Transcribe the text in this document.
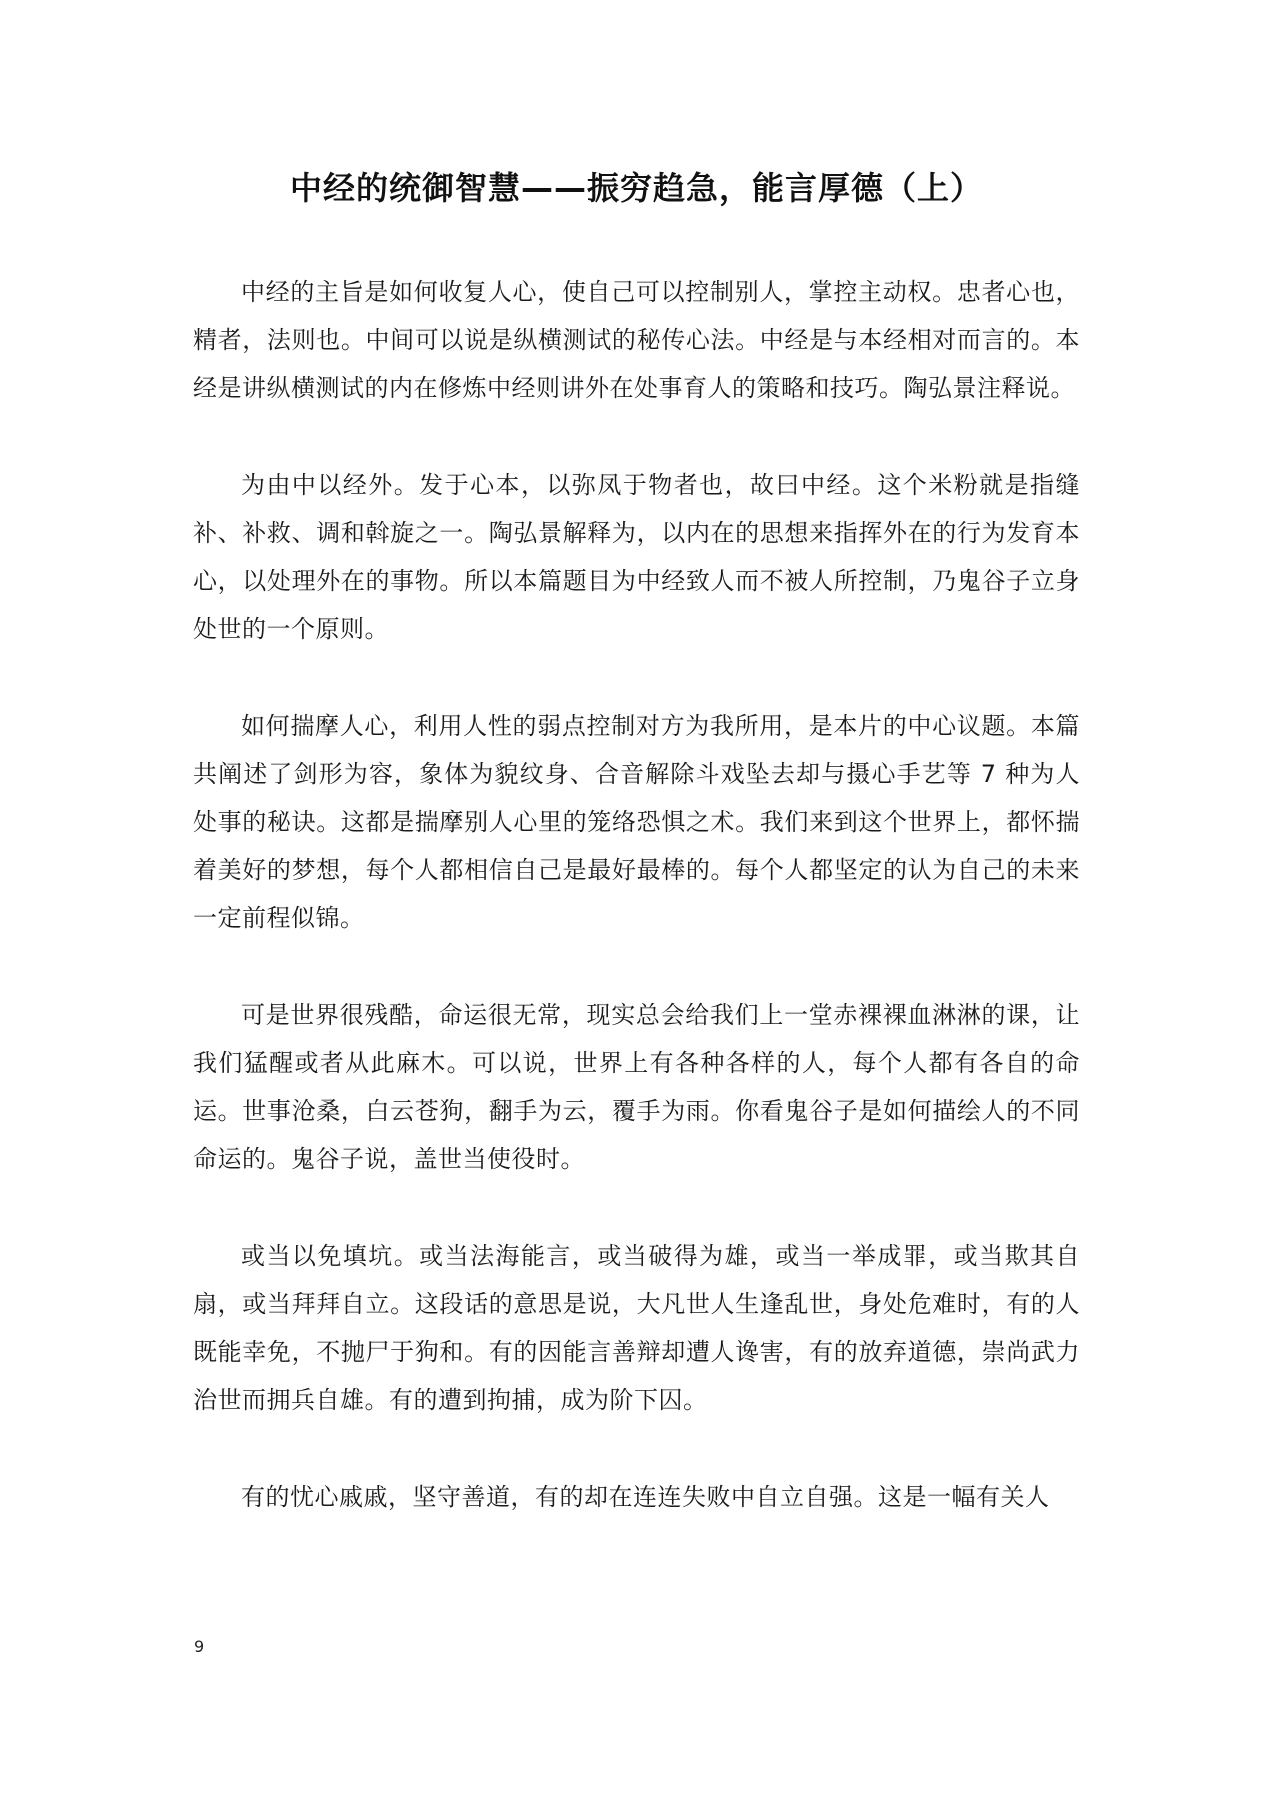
中经的统御智慧——振穷趋急，能言厚德（上）

中经的主旨是如何收复人心，使自己可以控制别人，掌控主动权。忠者心也，精者，法则也。中间可以说是纵横测试的秘传心法。中经是与本经相对而言的。本经是讲纵横测试的内在修炼中经则讲外在处事育人的策略和技巧。陶弘景注释说。

为由中以经外。发于心本，以弥凤于物者也，故曰中经。这个米粉就是指缝补、补救、调和斡旋之一。陶弘景解释为，以内在的思想来指挥外在的行为发育本心，以处理外在的事物。所以本篇题目为中经致人而不被人所控制，乃鬼谷子立身处世的一个原则。

如何揣摩人心，利用人性的弱点控制对方为我所用，是本片的中心议题。本篇共阐述了剑形为容，象体为貌纹身、合音解除斗戏坠去却与摄心手艺等 7 种为人处事的秘诀。这都是揣摩别人心里的笼络恐惧之术。我们来到这个世界上，都怀揣着美好的梦想，每个人都相信自己是最好最棒的。每个人都坚定的认为自己的未来一定前程似锦。

可是世界很残酷，命运很无常，现实总会给我们上一堂赤裸裸血淋淋的课，让我们猛醒或者从此麻木。可以说，世界上有各种各样的人，每个人都有各自的命运。世事沧桑，白云苍狗，翻手为云，覆手为雨。你看鬼谷子是如何描绘人的不同命运的。鬼谷子说，盖世当使役时。

或当以免填坑。或当法海能言，或当破得为雄，或当一举成罪，或当欺其自扇，或当拜拜自立。这段话的意思是说，大凡世人生逢乱世，身处危难时，有的人既能幸免，不抛尸于狗和。有的因能言善辩却遭人谗害，有的放弃道德，崇尚武力治世而拥兵自雄。有的遭到拘捕，成为阶下囚。

有的忧心戚戚，坚守善道，有的却在连连失败中自立自强。这是一幅有关人

9
